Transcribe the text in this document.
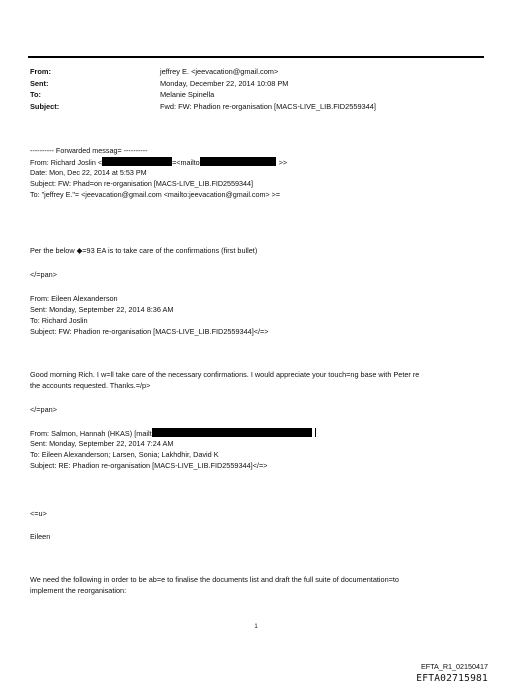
From:	jeffrey E. <jeevacation@gmail.com>
Sent:	Monday, December 22, 2014 10:08 PM
To:	Melanie Spinella
Subject:	Fwd: FW: Phadion re-organisation [MACS-LIVE_LIB.FID2559344]
---------- Forwarded messag= ----------
From: Richard Joslin <	=<mailto	>>
Date: Mon, Dec 22, 2014 at 5:53 PM
Subject: FW: Phad=on re-organisation [MACS-LIVE_LIB.FID2559344]
To: "jeffrey E."= <jeevacation@gmail.com <mailto:jeevacation@gmail.com> >=
Per the below ◆=93 EA is to take care of the confirmations (first bullet)
</=pan>
From: Eileen Alexanderson
Sent: Monday, September 22, 2014 8:36 AM
To: Richard Joslin
Subject: FW: Phadion re-organisation [MACS-LIVE_LIB.FID2559344]</=>
Good morning Rich. I w=ll take care of the necessary confirmations. I would appreciate your touch=ng base with Peter re
the accounts requested. Thanks.=/p>
</=pan>
From: Salmon, Hannah (HKAS) [mailt
Sent: Monday, September 22, 2014 7:24 AM
To: Eileen Alexanderson; Larsen, Sonia; Lakhdhir, David K
Subject: RE: Phadion re-organisation [MACS-LIVE_LIB.FID2559344]</=>
<=u>
Eileen
We need the following in order to be ab=e to finalise the documents list and draft the full suite of documentation=to
implement the reorganisation:
1
EFTA_R1_02150417
EFTA02715981
